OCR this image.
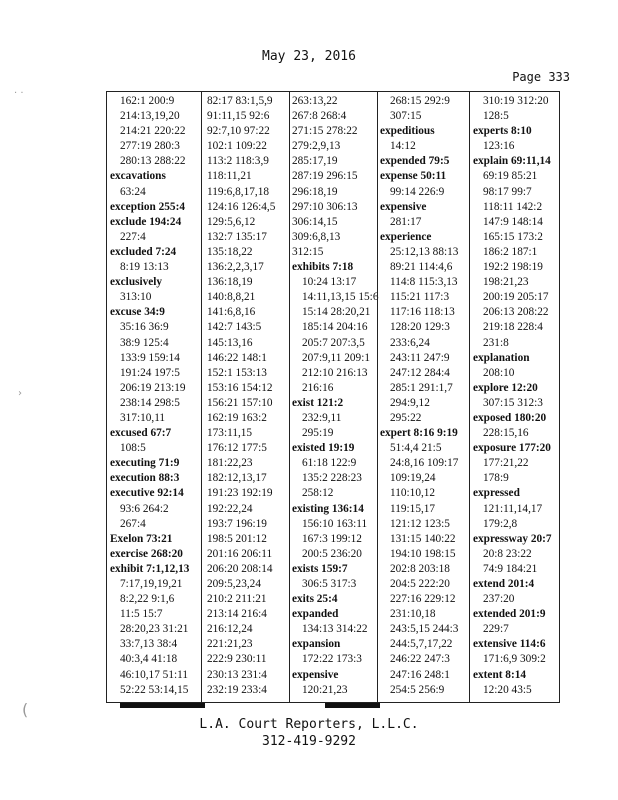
May 23, 2016
Page 333
· ·
›
(
162:1 200:9
214:13,19,20
214:21 220:22
277:19 280:3
280:13 288:22
excavations
63:24
exception 255:4
exclude 194:24
227:4
excluded 7:24
8:19 13:13
exclusively
313:10
excuse 34:9
35:16 36:9
38:9 125:4
133:9 159:14
191:24 197:5
206:19 213:19
238:14 298:5
317:10,11
excused 67:7
108:5
executing 71:9
execution 88:3
executive 92:14
93:6 264:2
267:4
Exelon 73:21
exercise 268:20
exhibit 7:1,12,13
7:17,19,19,21
8:2,22 9:1,6
11:5 15:7
28:20,23 31:21
33:7,13 38:4
40:3,4 41:18
46:10,17 51:11
52:22 53:14,15
82:17 83:1,5,9
91:11,15 92:6
92:7,10 97:22
102:1 109:22
113:2 118:3,9
118:11,21
119:6,8,17,18
124:16 126:4,5
129:5,6,12
132:7 135:17
135:18,22
136:2,2,3,17
136:18,19
140:8,8,21
141:6,8,16
142:7 143:5
145:13,16
146:22 148:1
152:1 153:13
153:16 154:12
156:21 157:10
162:19 163:2
173:11,15
176:12 177:5
181:22,23
182:12,13,17
191:23 192:19
192:22,24
193:7 196:19
198:5 201:12
201:16 206:11
206:20 208:14
209:5,23,24
210:2 211:21
213:14 216:4
216:12,24
221:21,23
222:9 230:11
230:13 231:4
232:19 233:4
263:13,22
267:8 268:4
271:15 278:22
279:2,9,13
285:17,19
287:19 296:15
296:18,19
297:10 306:13
306:14,15
309:6,8,13
312:15
exhibits 7:18
10:24 13:17
14:11,13,15 15:6
15:14 28:20,21
185:14 204:16
205:7 207:3,5
207:9,11 209:1
212:10 216:13
216:16
exist 121:2
232:9,11
295:19
existed 19:19
61:18 122:9
135:2 228:23
258:12
existing 136:14
156:10 163:11
167:3 199:12
200:5 236:20
exists 159:7
306:5 317:3
exits 25:4
expanded
134:13 314:22
expansion
172:22 173:3
expensive
120:21,23
268:15 292:9
307:15
expeditious
14:12
expended 79:5
expense 50:11
99:14 226:9
expensive
281:17
experience
25:12,13 88:13
89:21 114:4,6
114:8 115:3,13
115:21 117:3
117:16 118:13
128:20 129:3
233:6,24
243:11 247:9
247:12 284:4
285:1 291:1,7
294:9,12
295:22
expert 8:16 9:19
51:4,4 21:5
24:8,16 109:17
109:19,24
110:10,12
119:15,17
121:12 123:5
131:15 140:22
194:10 198:15
202:8 203:18
204:5 222:20
227:16 229:12
231:10,18
243:5,15 244:3
244:5,7,17,22
246:22 247:3
247:16 248:1
254:5 256:9
310:19 312:20
128:5
experts 8:10
123:16
explain 69:11,14
69:19 85:21
98:17 99:7
118:11 142:2
147:9 148:14
165:15 173:2
186:2 187:1
192:2 198:19
198:21,23
200:19 205:17
206:13 208:22
219:18 228:4
231:8
explanation
208:10
explore 12:20
307:15 312:3
exposed 180:20
228:15,16
exposure 177:20
177:21,22
178:9
expressed
121:11,14,17
179:2,8
expressway 20:7
20:8 23:22
74:9 184:21
extend 201:4
237:20
extended 201:9
229:7
extensive 114:6
171:6,9 309:2
extent 8:14
12:20 43:5
L.A. Court Reporters, L.L.C.
312-419-9292
